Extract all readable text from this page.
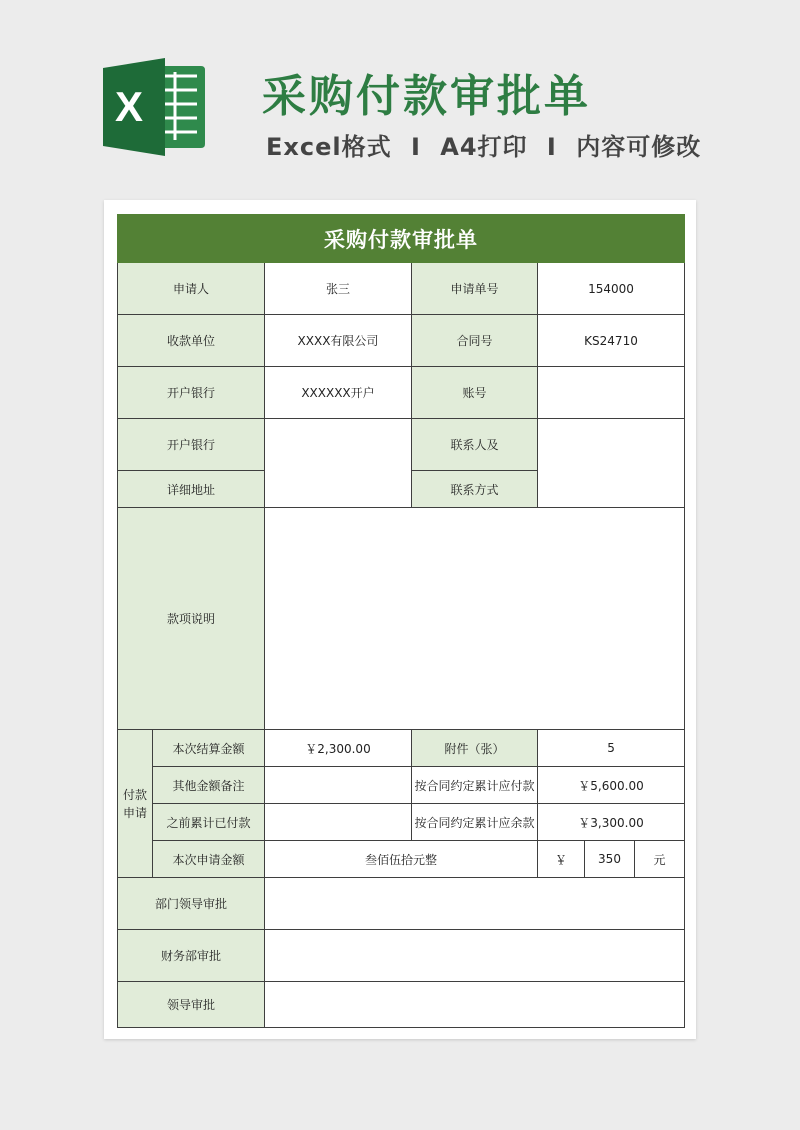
X	采购付款审批单
Excel格式 I A4打印 I 内容可修改
采购付款审批单						
申请人		张三	申请单号	154000		
收款单位		XXXX有限公司	合同号	KS24710		
开户银行		XXXXXX开户	账号			
开户银行			联系人及			
详细地址			联系方式			
款项说明						
付款申请	本次结算金额	￥2,300.00	附件（张）	5		
	其他金额备注		按合同约定累计应付款	￥5,600.00		
	之前累计已付款		按合同约定累计应余款	￥3,300.00		
	本次申请金额	叁佰伍拾元整		￥	350	元
部门领导审批						
财务部审批						
领导审批						
